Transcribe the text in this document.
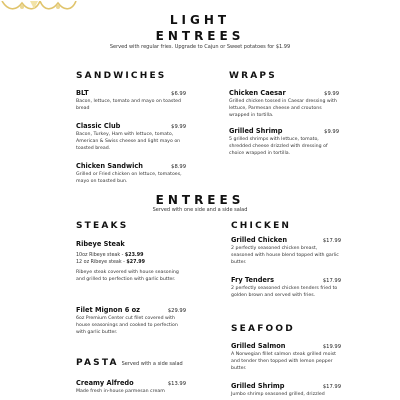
LIGHT
ENTREES
Served with regular fries. Upgrade to Cajun or Sweet potatoes for $1.99
SANDWICHES
BLT	$6.99
Bacon, lettuce, tomato and mayo on toasted bread
Classic Club	$9.99
Bacon, Turkey, Ham with lettuce, tomato, American & Swiss cheese and light mayo on toasted bread.
Chicken Sandwich	$8.99
Grilled or Fried chicken on lettuce, tomatoes, mayo on toasted bun.
WRAPS
Chicken Caesar	$9.99
Grilled chicken tossed in Caesar dressing with lettuce, Parmesan cheese and croutons wrapped in tortilla.
Grilled Shrimp	$9.99
5 grilled shrimps with lettuce, tomato, shredded cheese drizzled with dressing of choice wrapped in tortilla.
ENTREES
Served with one side and a side salad
STEAKS
Ribeye Steak
10oz Ribeye steak - $23.99
12 oz Ribeye steak - $27.99
Ribeye steak covered with house seasoning and grilled to perfection with garlic butter.
Filet Mignon 6 oz	$29.99
6oz Premium Center cut filet covered with house seasonings and cooked to perfection with garlic butter.
PASTA Served with a side salad
Creamy Alfredo	$13.99
Made fresh in-house parmesan cream
CHICKEN
Grilled Chicken	$17.99
2 perfectly seasoned chicken breast, seasoned with house blend topped with garlic butter.
Fry Tenders	$17.99
2 perfectly seasoned chicken tenders fried to golden brown and served with fries.
SEAFOOD
Grilled Salmon	$19.99
A Norwegian fillet salmon steak grilled moist and tender then topped with lemon pepper butter.
Grilled Shrimp	$17.99
Jumbo shrimp seasoned grilled, drizzled
